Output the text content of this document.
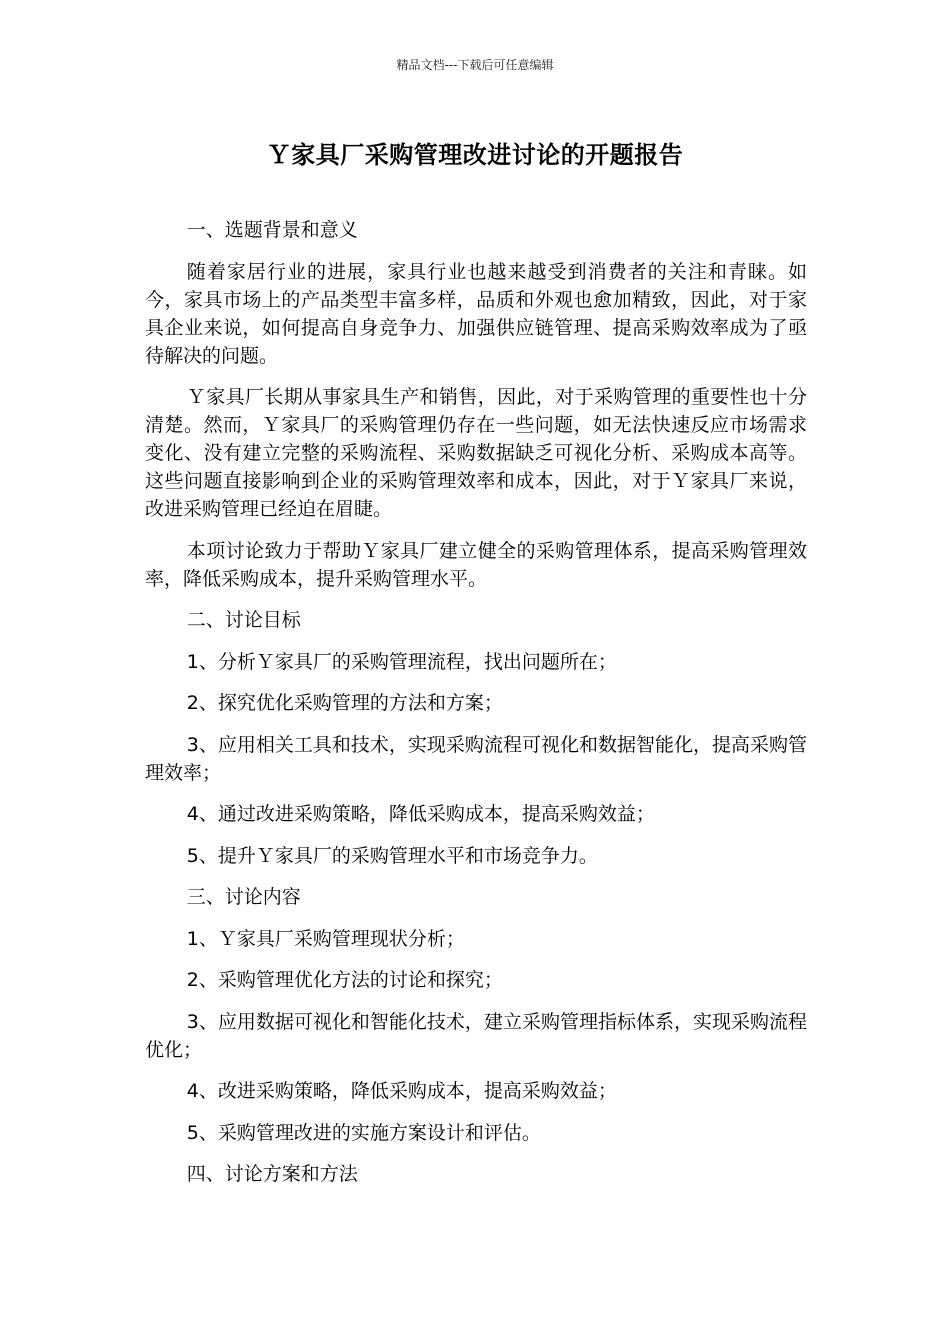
精品文档---下载后可任意编辑
Ｙ家具厂采购管理改进讨论的开题报告

一、选题背景和意义

随着家居行业的进展，家具行业也越来越受到消费者的关注和青睐。如今，家具市场上的产品类型丰富多样，品质和外观也愈加精致，因此，对于家具企业来说，如何提高自身竞争力、加强供应链管理、提高采购效率成为了亟待解决的问题。

Ｙ家具厂长期从事家具生产和销售，因此，对于采购管理的重要性也十分清楚。然而，Ｙ家具厂的采购管理仍存在一些问题，如无法快速反应市场需求变化、没有建立完整的采购流程、采购数据缺乏可视化分析、采购成本高等。这些问题直接影响到企业的采购管理效率和成本，因此，对于Ｙ家具厂来说，改进采购管理已经迫在眉睫。

本项讨论致力于帮助Ｙ家具厂建立健全的采购管理体系，提高采购管理效率，降低采购成本，提升采购管理水平。

二、讨论目标

1、分析Ｙ家具厂的采购管理流程，找出问题所在；

2、探究优化采购管理的方法和方案；

3、应用相关工具和技术，实现采购流程可视化和数据智能化，提高采购管理效率；

4、通过改进采购策略，降低采购成本，提高采购效益；

5、提升Ｙ家具厂的采购管理水平和市场竞争力。

三、讨论内容

1、Ｙ家具厂采购管理现状分析；

2、采购管理优化方法的讨论和探究；

3、应用数据可视化和智能化技术，建立采购管理指标体系，实现采购流程优化；

4、改进采购策略，降低采购成本，提高采购效益；

5、采购管理改进的实施方案设计和评估。

四、讨论方案和方法
